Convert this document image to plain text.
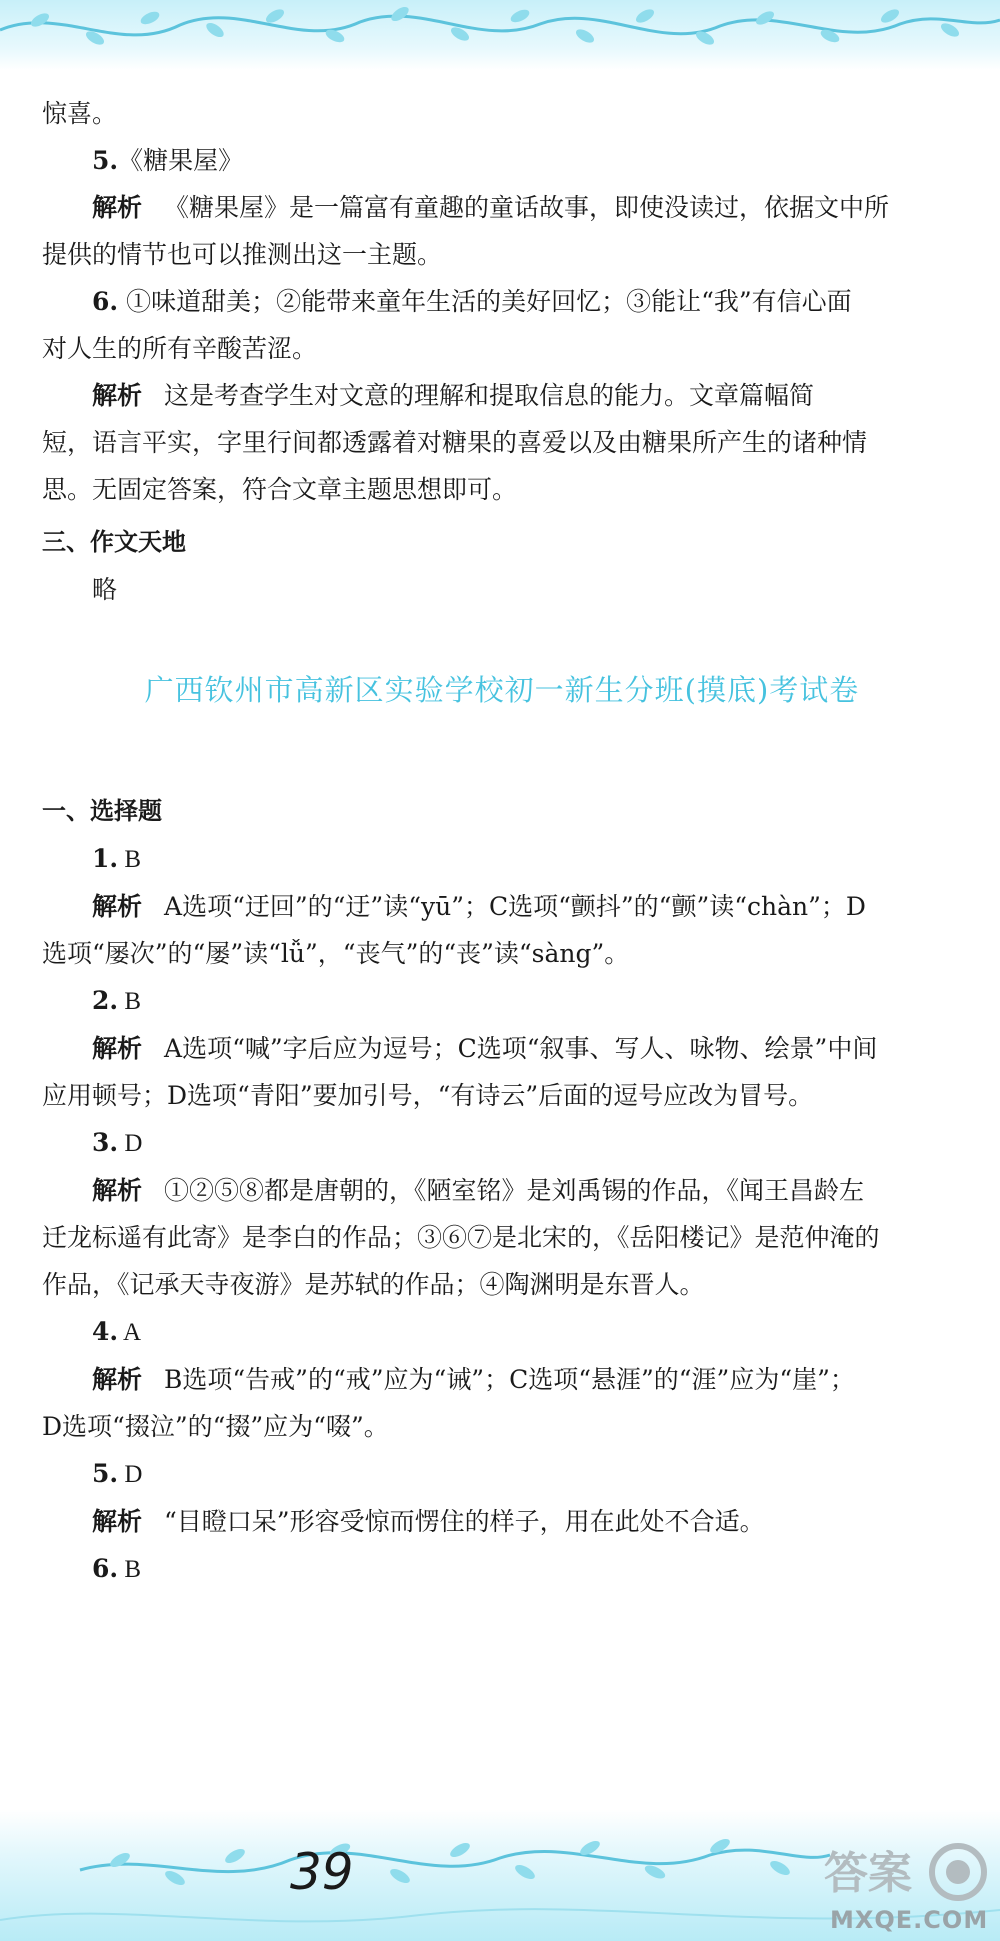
惊喜。

5.《糖果屋》

解析 《糖果屋》是一篇富有童趣的童话故事，即使没读过，依据文中所

提供的情节也可以推测出这一主题。

6. ①味道甜美；②能带来童年生活的美好回忆；③能让“我”有信心面

对人生的所有辛酸苦涩。

解析 这是考查学生对文意的理解和提取信息的能力。文章篇幅简

短，语言平实，字里行间都透露着对糖果的喜爱以及由糖果所产生的诸种情

思。无固定答案，符合文章主题思想即可。

三、作文天地

略

广西钦州市高新区实验学校初一新生分班(摸底)考试卷

一、选择题

1. B

解析 A选项“迂回”的“迂”读“yū”；C选项“颤抖”的“颤”读“chàn”；D

选项“屡次”的“屡”读“lǚ”，“丧气”的“丧”读“sàng”。

2. B

解析 A选项“喊”字后应为逗号；C选项“叙事、写人、咏物、绘景”中间

应用顿号；D选项“青阳”要加引号，“有诗云”后面的逗号应改为冒号。

3. D

解析 ①②⑤⑧都是唐朝的，《陋室铭》是刘禹锡的作品，《闻王昌龄左

迁龙标遥有此寄》是李白的作品；③⑥⑦是北宋的，《岳阳楼记》是范仲淹的

作品，《记承天寺夜游》是苏轼的作品；④陶渊明是东晋人。

4. A

解析 B选项“告戒”的“戒”应为“诫”；C选项“悬涯”的“涯”应为“崖”；

D选项“掇泣”的“掇”应为“啜”。

5. D

解析 “目瞪口呆”形容受惊而愣住的样子，用在此处不合适。

6. B

39	答案
MXQE.COM
